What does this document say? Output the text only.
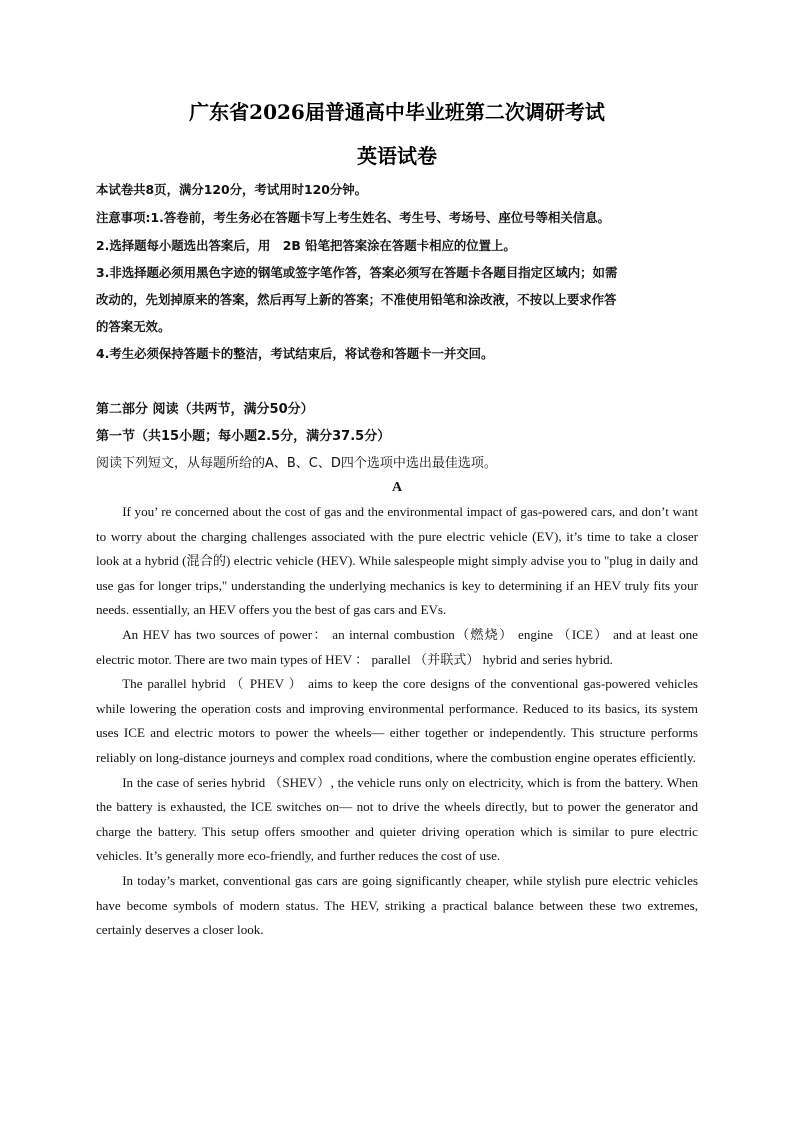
广东省2026届普通高中毕业班第二次调研考试
英语试卷
本试卷共8页，满分120分，考试用时120分钟。
注意事项:1.答卷前，考生务必在答题卡写上考生姓名、考生号、考场号、座位号等相关信息。
2.选择题每小题选出答案后，用　2B 铅笔把答案涂在答题卡相应的位置上。
3.非选择题必须用黑色字迹的钢笔或签字笔作答，答案必须写在答题卡各题目指定区域内；如需
改动的，先划掉原来的答案，然后再写上新的答案；不准使用铅笔和涂改液，不按以上要求作答
的答案无效。
4.考生必须保持答题卡的整洁，考试结束后，将试卷和答题卡一并交回。
第二部分 阅读（共两节，满分50分）
第一节（共15小题；每小题2.5分，满分37.5分）
阅读下列短文，从每题所给的A、B、C、D四个选项中选出最佳选项。
A

If you’ re concerned about the cost of gas and the environmental impact of gas-powered cars, and don’t want to worry about the charging challenges associated with the pure electric vehicle (EV), it’s time to take a closer look at a hybrid (混合的) electric vehicle (HEV). While salespeople might simply advise you to "plug in daily and use gas for longer trips," understanding the underlying mechanics is key to determining if an HEV truly fits your needs. essentially, an HEV offers you the best of gas cars and EVs.

An HEV has two sources of power： an internal combustion（燃烧） engine （ICE） and at least one electric motor. There are two main types of HEV ： parallel （并联式） hybrid and series hybrid.

The parallel hybrid （ PHEV ） aims to keep the core designs of the conventional gas-powered vehicles while lowering the operation costs and improving environmental performance. Reduced to its basics, its system uses ICE and electric motors to power the wheels— either together or independently. This structure performs reliably on long-distance journeys and complex road conditions, where the combustion engine operates efficiently.

In the case of series hybrid （SHEV）, the vehicle runs only on electricity, which is from the battery. When the battery is exhausted, the ICE switches on— not to drive the wheels directly, but to power the generator and charge the battery. This setup offers smoother and quieter driving operation which is similar to pure electric vehicles. It’s generally more eco-friendly, and further reduces the cost of use.

In today’s market, conventional gas cars are going significantly cheaper, while stylish pure electric vehicles have become symbols of modern status. The HEV, striking a practical balance between these two extremes, certainly deserves a closer look.
